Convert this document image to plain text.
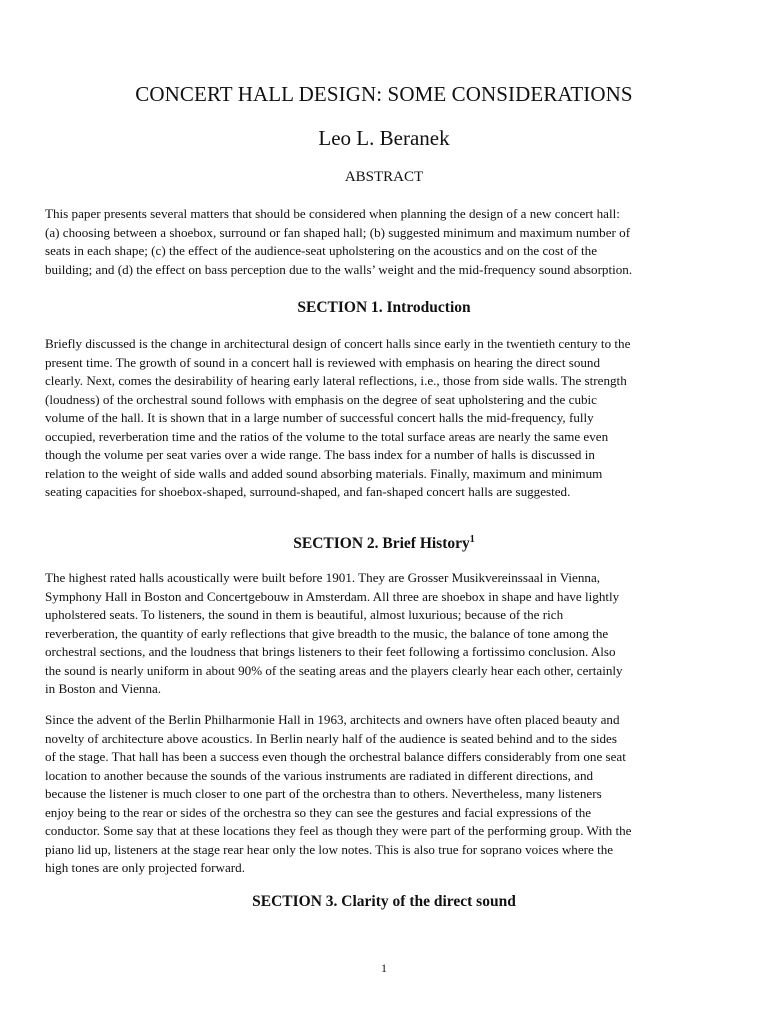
CONCERT HALL DESIGN: SOME CONSIDERATIONS
Leo L. Beranek
ABSTRACT
This paper presents several matters that should be considered when planning the design of a new concert hall:
(a) choosing between a shoebox, surround or fan shaped hall; (b) suggested minimum and maximum number of
seats in each shape; (c) the effect of the audience-seat upholstering on the acoustics and on the cost of the
building; and (d) the effect on bass perception due to the walls’ weight and the mid-frequency sound absorption.
SECTION 1. Introduction
Briefly discussed is the change in architectural design of concert halls since early in the twentieth century to the
present time. The growth of sound in a concert hall is reviewed with emphasis on hearing the direct sound
clearly. Next, comes the desirability of hearing early lateral reflections, i.e., those from side walls. The strength
(loudness) of the orchestral sound follows with emphasis on the degree of seat upholstering and the cubic
volume of the hall. It is shown that in a large number of successful concert halls the mid-frequency, fully
occupied, reverberation time and the ratios of the volume to the total surface areas are nearly the same even
though the volume per seat varies over a wide range. The bass index for a number of halls is discussed in
relation to the weight of side walls and added sound absorbing materials. Finally, maximum and minimum
seating capacities for shoebox-shaped, surround-shaped, and fan-shaped concert halls are suggested.
SECTION 2. Brief History$^1$
The highest rated halls acoustically were built before 1901. They are Grosser Musikvereinssaal in Vienna,
Symphony Hall in Boston and Concertgebouw in Amsterdam. All three are shoebox in shape and have lightly
upholstered seats. To listeners, the sound in them is beautiful, almost luxurious; because of the rich
reverberation, the quantity of early reflections that give breadth to the music, the balance of tone among the
orchestral sections, and the loudness that brings listeners to their feet following a fortissimo conclusion. Also
the sound is nearly uniform in about 90% of the seating areas and the players clearly hear each other, certainly
in Boston and Vienna.
Since the advent of the Berlin Philharmonie Hall in 1963, architects and owners have often placed beauty and
novelty of architecture above acoustics. In Berlin nearly half of the audience is seated behind and to the sides
of the stage. That hall has been a success even though the orchestral balance differs considerably from one seat
location to another because the sounds of the various instruments are radiated in different directions, and
because the listener is much closer to one part of the orchestra than to others. Nevertheless, many listeners
enjoy being to the rear or sides of the orchestra so they can see the gestures and facial expressions of the
conductor. Some say that at these locations they feel as though they were part of the performing group. With the
piano lid up, listeners at the stage rear hear only the low notes. This is also true for soprano voices where the
high tones are only projected forward.
SECTION 3. Clarity of the direct sound
1
